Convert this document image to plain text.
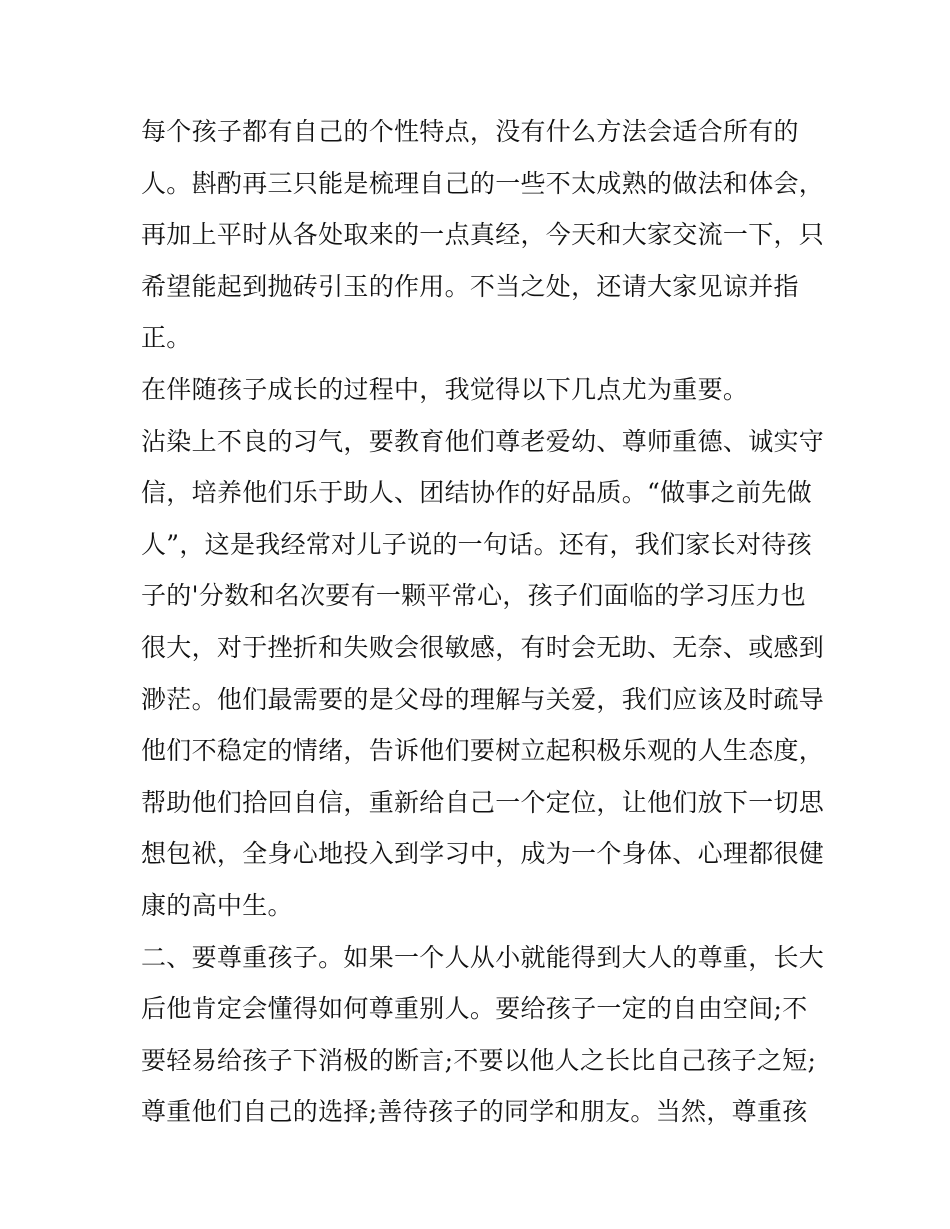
每个孩子都有自己的个性特点，没有什么方法会适合所有的
人。斟酌再三只能是梳理自己的一些不太成熟的做法和体会，
再加上平时从各处取来的一点真经，今天和大家交流一下，只
希望能起到抛砖引玉的作用。不当之处，还请大家见谅并指
正。
在伴随孩子成长的过程中，我觉得以下几点尤为重要。
沾染上不良的习气，要教育他们尊老爱幼、尊师重德、诚实守
信，培养他们乐于助人、团结协作的好品质。“做事之前先做
人”，这是我经常对儿子说的一句话。还有，我们家长对待孩
子的'分数和名次要有一颗平常心，孩子们面临的学习压力也
很大，对于挫折和失败会很敏感，有时会无助、无奈、或感到
渺茫。他们最需要的是父母的理解与关爱，我们应该及时疏导
他们不稳定的情绪，告诉他们要树立起积极乐观的人生态度，
帮助他们拾回自信，重新给自己一个定位，让他们放下一切思
想包袱，全身心地投入到学习中，成为一个身体、心理都很健
康的高中生。
二、要尊重孩子。如果一个人从小就能得到大人的尊重，长大
后他肯定会懂得如何尊重别人。要给孩子一定的自由空间;不
要轻易给孩子下消极的断言;不要以他人之长比自己孩子之短;
尊重他们自己的选择;善待孩子的同学和朋友。当然，尊重孩
